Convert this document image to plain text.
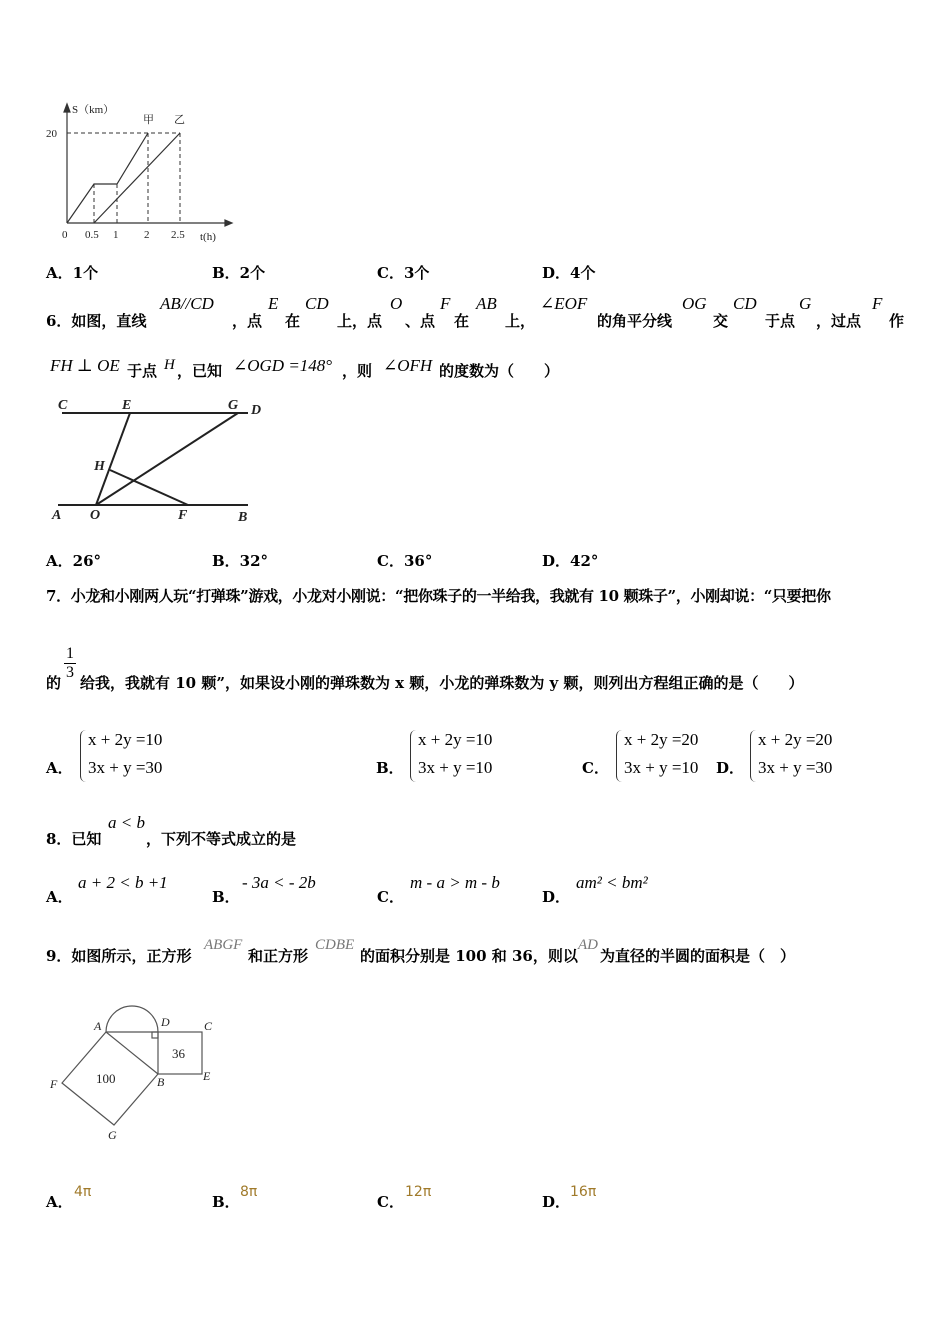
S（km）
20
甲 乙
0 0.5 1 2 2.5 t(h)
A．1个	B．2个	C．3个	D．4个
6．如图，直线
AB//CD
，点
E
在
CD
上，点
O
、点
F
在
AB
上，
∠EOF
的角平分线
OG
交
CD
于点
G
，过点
F
作
FH ⊥ OE 于点 H ，已知 ∠OGD =148° ，则 ∠OFH 的度数为（　　）
C	E	G D
H
A O	F	B
A．26°	B．32°	C．36°	D．42°
7．小龙和小刚两人玩“打弹珠”游戏，小龙对小刚说：“把你珠子的一半给我，我就有 10 颗珠子”，小刚却说：“只要把你
的
$\frac{1}{3}$
给我，我就有 10 颗”，如果设小刚的弹珠数为 x 颗，小龙的弹珠数为 y 颗，则列出方程组正确的是（　　）
A．
x + 2y =10
3x + y =30	B．
x + 2y =10
3x + y =10	C．
x + 2y =20
3x + y =10 D．
x + 2y =20
3x + y =30
8．已知
a < b
，下列不等式成立的是
A．
a + 2 < b +1
B．
- 3a < - 2b
C．
m - a > m - b
D．
am² < bm²
9．如图所示，正方形
ABGF
和正方形
CDBE
的面积分别是 100 和 36，则以
AD
为直径的半圆的面积是（　）
A	D	C
F	B	E
G
100
36
A．
4π
B．
8π
C．
12π
D．
16π
